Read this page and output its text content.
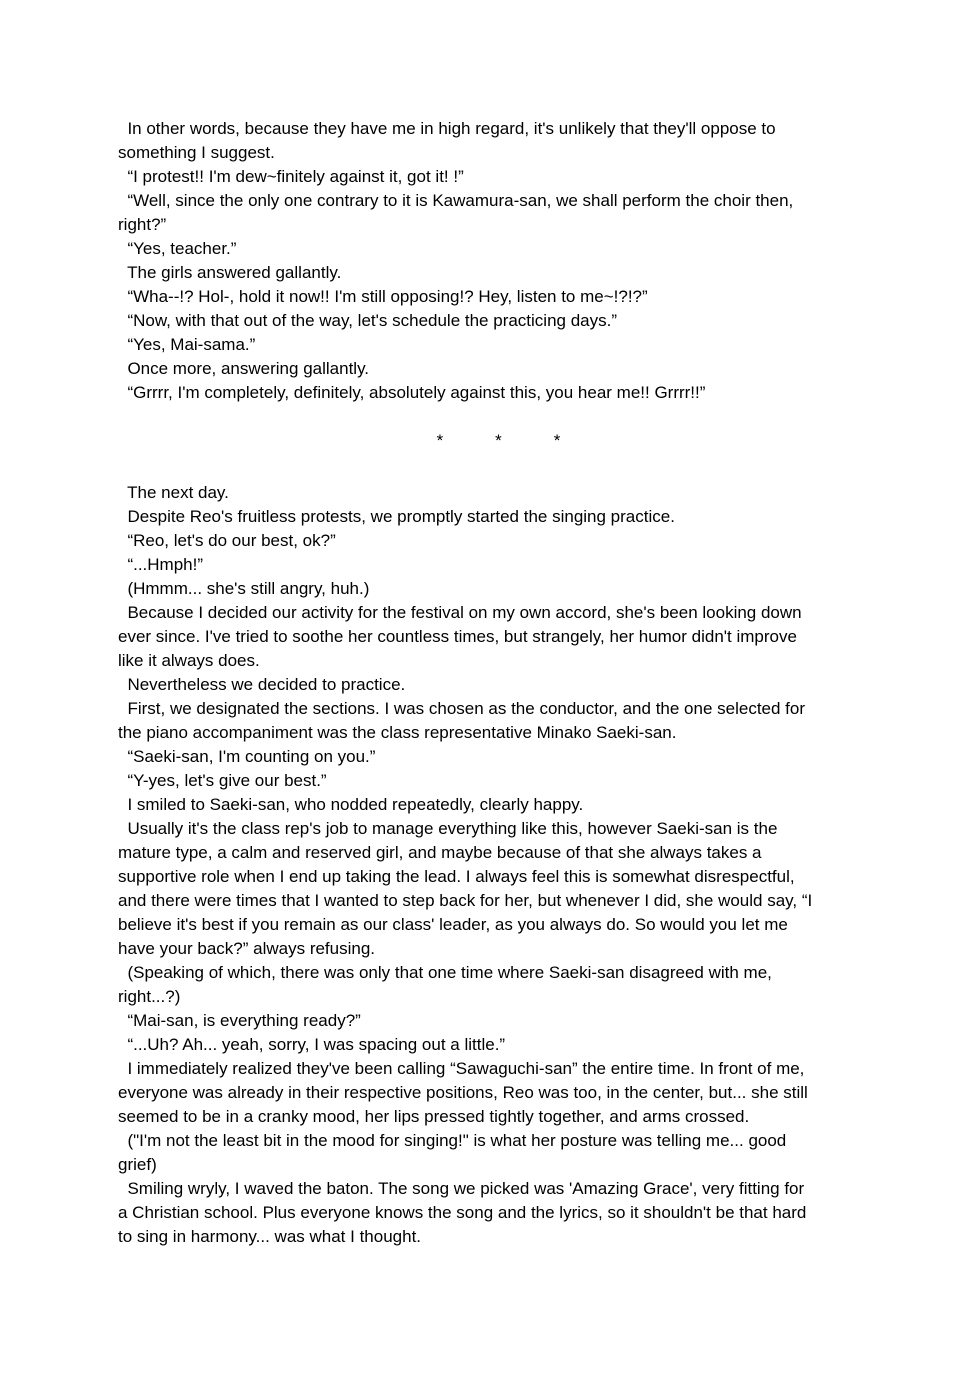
In other words, because they have me in high regard, it's unlikely that they'll oppose to
something I suggest.
“I protest!! I'm dew~finitely against it, got it! !”
“Well, since the only one contrary to it is Kawamura-san, we shall perform the choir then,
right?”
“Yes, teacher.”
The girls answered gallantly.
“Wha--!? Hol-, hold it now!! I'm still opposing!? Hey, listen to me~!?!?”
“Now, with that out of the way, let's schedule the practicing days.”
“Yes, Mai-sama.”
Once more, answering gallantly.
“Grrrr, I'm completely, definitely, absolutely against this, you hear me!! Grrrr!!”

*           *           *

The next day.
Despite Reo's fruitless protests, we promptly started the singing practice.
“Reo, let's do our best, ok?”
“...Hmph!”
(Hmmm... she's still angry, huh.)
Because I decided our activity for the festival on my own accord, she's been looking down
ever since. I've tried to soothe her countless times, but strangely, her humor didn't improve
like it always does.
Nevertheless we decided to practice.
First, we designated the sections. I was chosen as the conductor, and the one selected for
the piano accompaniment was the class representative Minako Saeki-san.
“Saeki-san, I'm counting on you.”
“Y-yes, let's give our best.”
I smiled to Saeki-san, who nodded repeatedly, clearly happy.
Usually it's the class rep's job to manage everything like this, however Saeki-san is the
mature type, a calm and reserved girl, and maybe because of that she always takes a
supportive role when I end up taking the lead. I always feel this is somewhat disrespectful,
and there were times that I wanted to step back for her, but whenever I did, she would say, “I
believe it's best if you remain as our class' leader, as you always do. So would you let me
have your back?” always refusing.
(Speaking of which, there was only that one time where Saeki-san disagreed with me,
right...?)
“Mai-san, is everything ready?”
“...Uh? Ah... yeah, sorry, I was spacing out a little.”
I immediately realized they've been calling “Sawaguchi-san” the entire time. In front of me,
everyone was already in their respective positions, Reo was too, in the center, but... she still
seemed to be in a cranky mood, her lips pressed tightly together, and arms crossed.
("I'm not the least bit in the mood for singing!" is what her posture was telling me... good
grief)
Smiling wryly, I waved the baton. The song we picked was 'Amazing Grace', very fitting for
a Christian school. Plus everyone knows the song and the lyrics, so it shouldn't be that hard
to sing in harmony... was what I thought.
